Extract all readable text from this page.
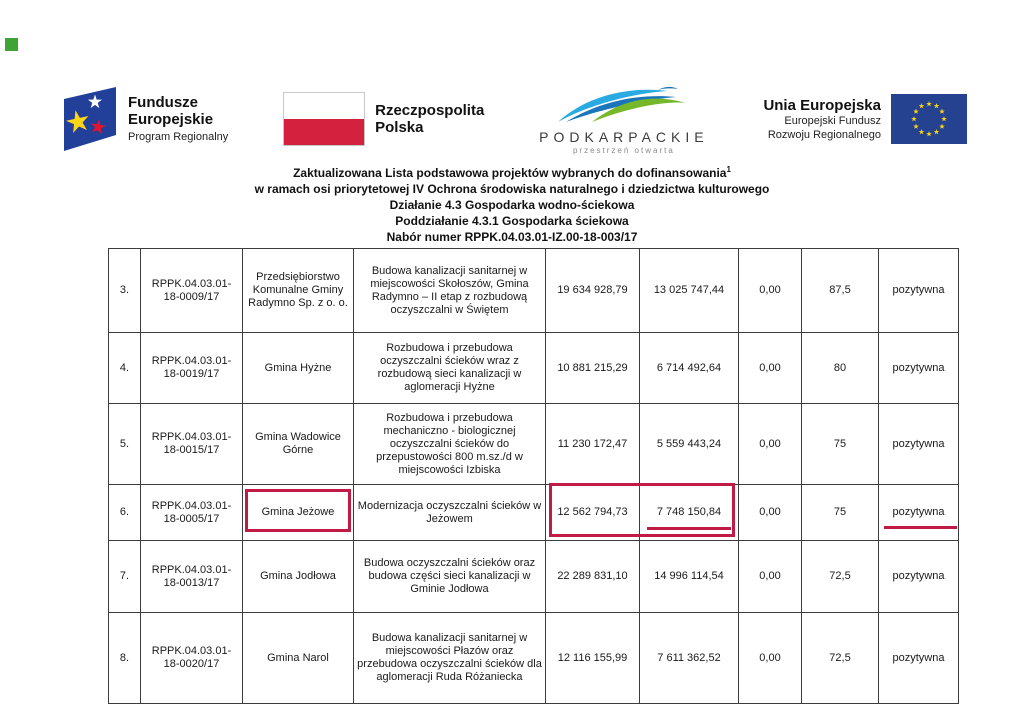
Fundusze
Europejskie
Program Regionalny
Rzeczpospolita
Polska
PODKARPACKIE
przestrzeń otwarta
Unia Europejska
Europejski Fundusz
Rozwoju Regionalnego
Zaktualizowana Lista podstawowa projektów wybranych do dofinansowania$^1$
w ramach osi priorytetowej IV Ochrona środowiska naturalnego i dziedzictwa kulturowego
Działanie 4.3 Gospodarka wodno-ściekowa
Poddziałanie 4.3.1 Gospodarka ściekowa
Nabór numer RPPK.04.03.01-IZ.00-18-003/17
3.	RPPK.04.03.01-18-0009/17	Przedsiębiorstwo Komunalne Gminy Radymno Sp. z o. o.	Budowa kanalizacji sanitarnej w miejscowości Skołoszów, Gmina Radymno – II etap z rozbudową oczyszczalni w Świętem	19 634 928,79	13 025 747,44	0,00	87,5	pozytywna
4.	RPPK.04.03.01-18-0019/17	Gmina Hyżne	Rozbudowa i przebudowa oczyszczalni ścieków wraz z rozbudową sieci kanalizacji w aglomeracji Hyżne	10 881 215,29	6 714 492,64	0,00	80	pozytywna
5.	RPPK.04.03.01-18-0015/17	Gmina Wadowice Górne	Rozbudowa i przebudowa mechaniczno - biologicznej oczyszczalni ścieków do przepustowości 800 m.sz./d w miejscowości Izbiska	11 230 172,47	5 559 443,24	0,00	75	pozytywna
6.	RPPK.04.03.01-18-0005/17	Gmina Jeżowe	Modernizacja oczyszczalni ścieków w Jeżowem	12 562 794,73	7 748 150,84	0,00	75	pozytywna

7.	RPPK.04.03.01-18-0013/17	Gmina Jodłowa	Budowa oczyszczalni ścieków oraz budowa części sieci kanalizacji w Gminie Jodłowa	22 289 831,10	14 996 114,54	0,00	72,5	pozytywna
8.	RPPK.04.03.01-18-0020/17	Gmina Narol	Budowa kanalizacji sanitarnej w miejscowości Płazów oraz przebudowa oczyszczalni ścieków dla aglomeracji Ruda Różaniecka	12 116 155,99	7 611 362,52	0,00	72,5	pozytywna
